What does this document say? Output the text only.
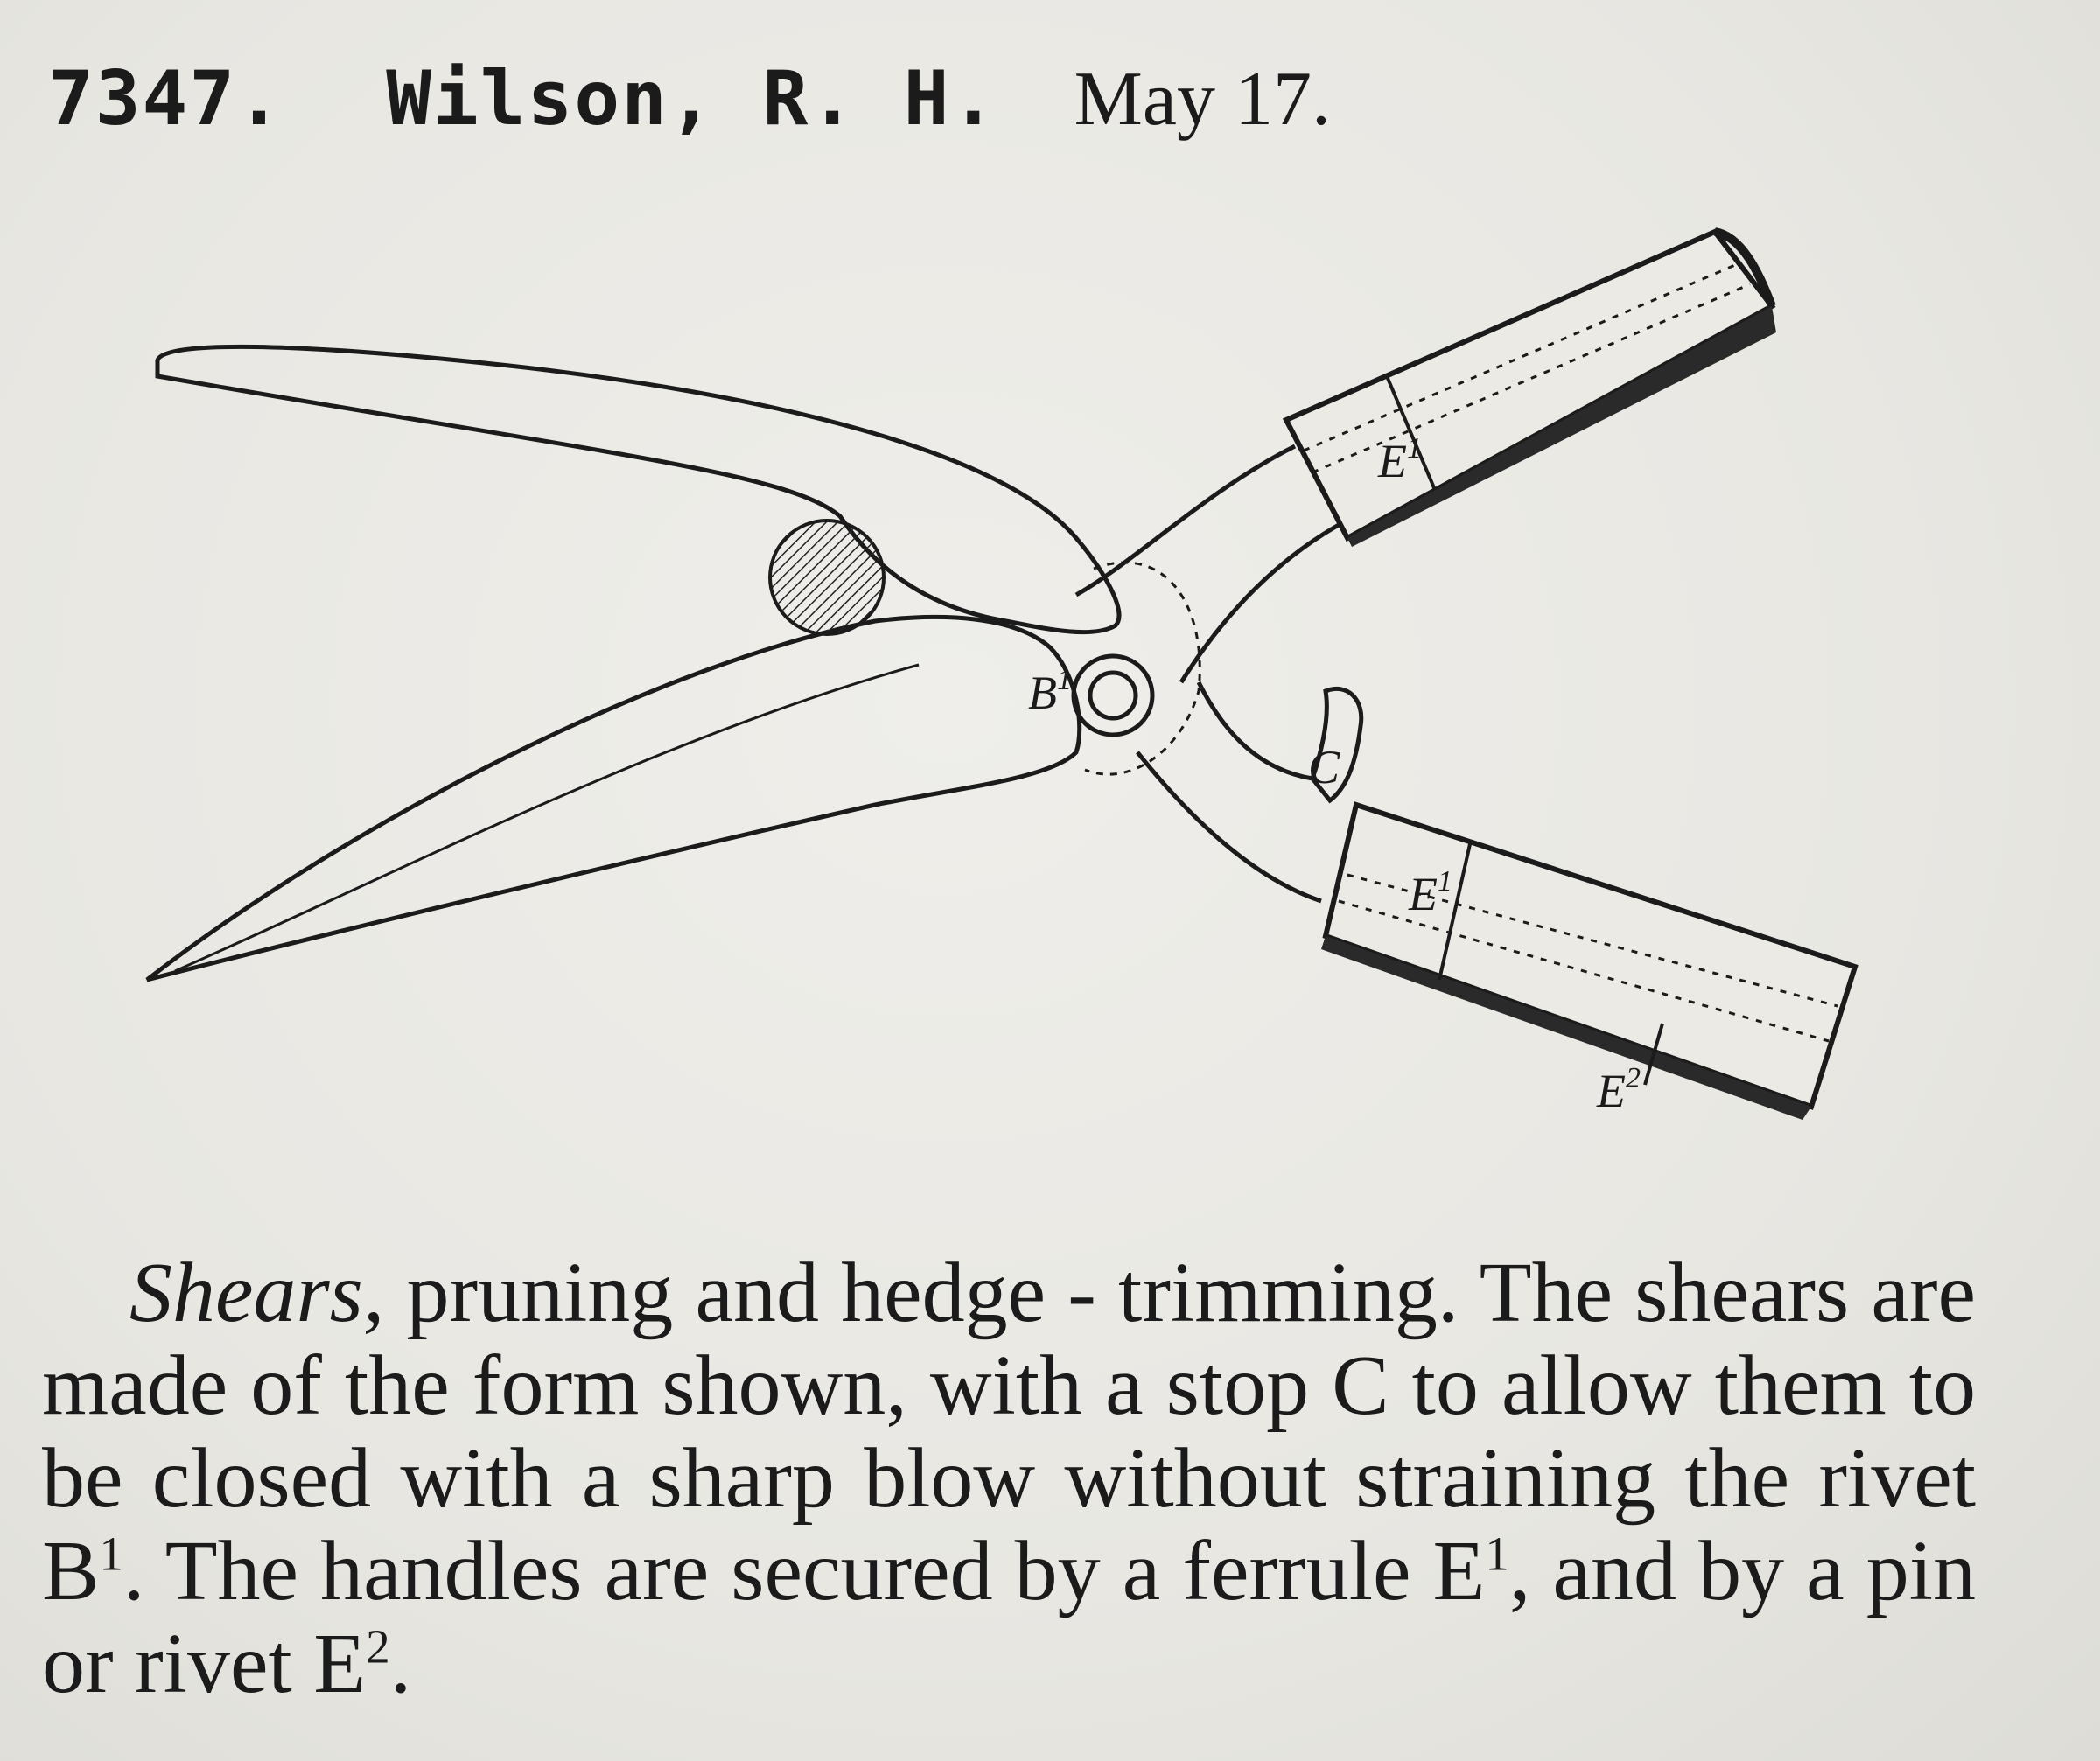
7347. Wilson, R. H. May 17.
$B^1$
C
$E^1$
$E^1$
$E^2$

Shears, pruning and hedge - trimming. The shears are made of the form shown, with a stop C to allow them to be closed with a sharp blow without straining the rivet $B^1$. The handles are secured by a ferrule $E^1$, and by a pin or rivet $E^2$.
